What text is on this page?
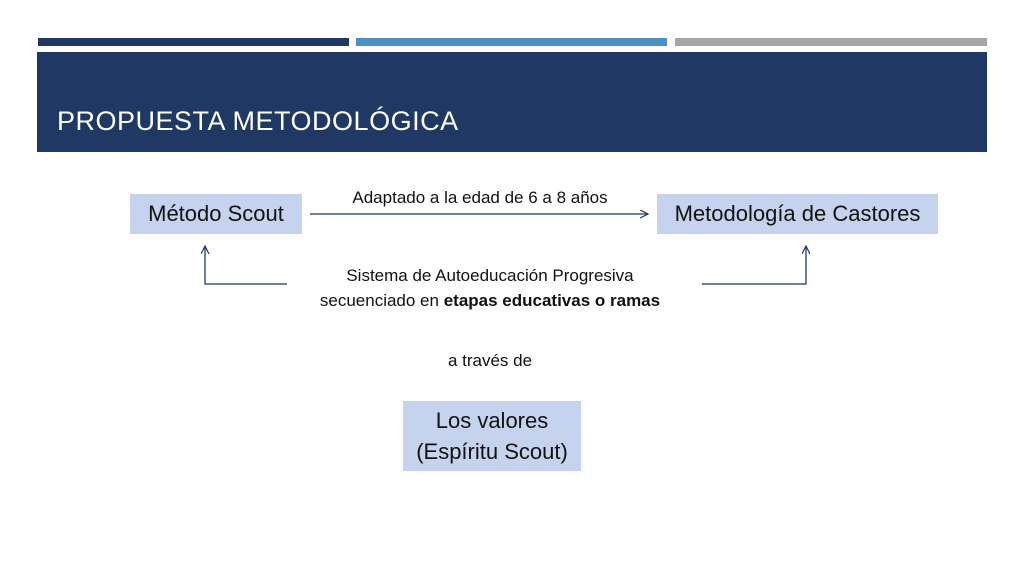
PROPUESTA METODOLÓGICA
Método Scout	Metodología de Castores
Adaptado a la edad de 6 a 8 años
Sistema de Autoeducación Progresiva
secuenciado en etapas educativas o ramas
a través de
Los valores
(Espíritu Scout)
